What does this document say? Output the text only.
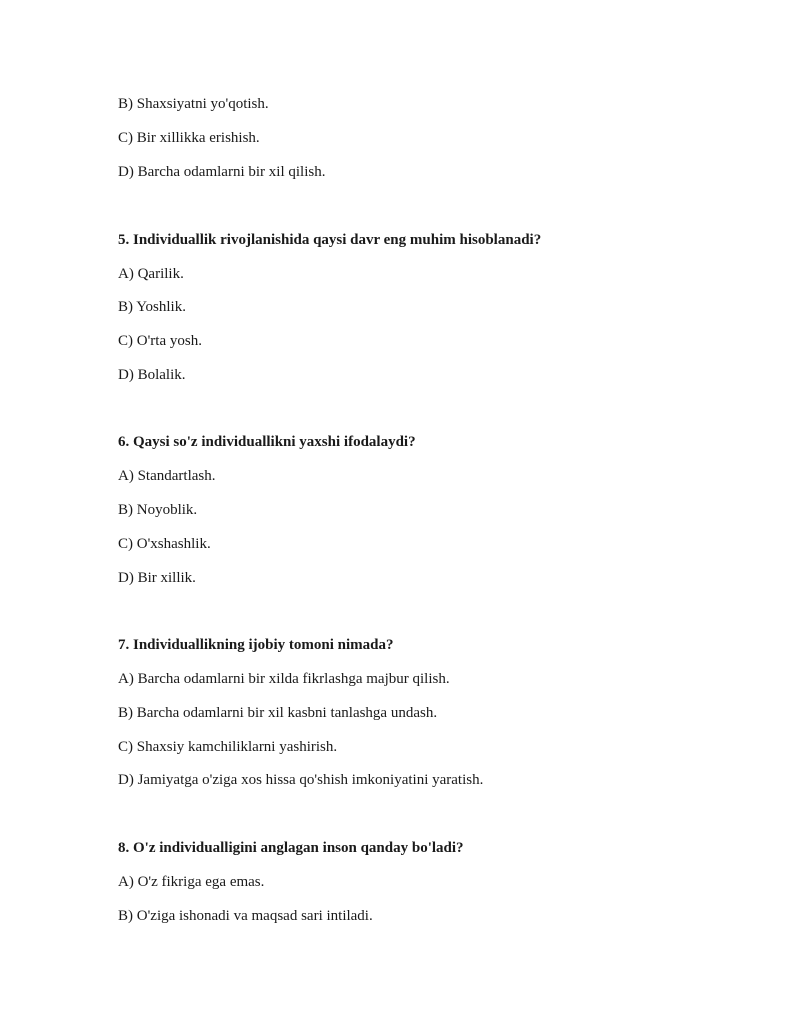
B) Shaxsiyatni yo'qotish.
C) Bir xillikka erishish.
D) Barcha odamlarni bir xil qilish.
5. Individuallik rivojlanishida qaysi davr eng muhim hisoblanadi?
A) Qarilik.
B) Yoshlik.
C) O'rta yosh.
D) Bolalik.
6. Qaysi so'z individuallikni yaxshi ifodalaydi?
A) Standartlash.
B) Noyoblik.
C) O'xshashlik.
D) Bir xillik.
7. Individuallikning ijobiy tomoni nimada?
A) Barcha odamlarni bir xilda fikrlashga majbur qilish.
B) Barcha odamlarni bir xil kasbni tanlashga undash.
C) Shaxsiy kamchiliklarni yashirish.
D) Jamiyatga o'ziga xos hissa qo'shish imkoniyatini yaratish.
8. O'z individualligini anglagan inson qanday bo'ladi?
A) O'z fikriga ega emas.
B) O'ziga ishonadi va maqsad sari intiladi.
